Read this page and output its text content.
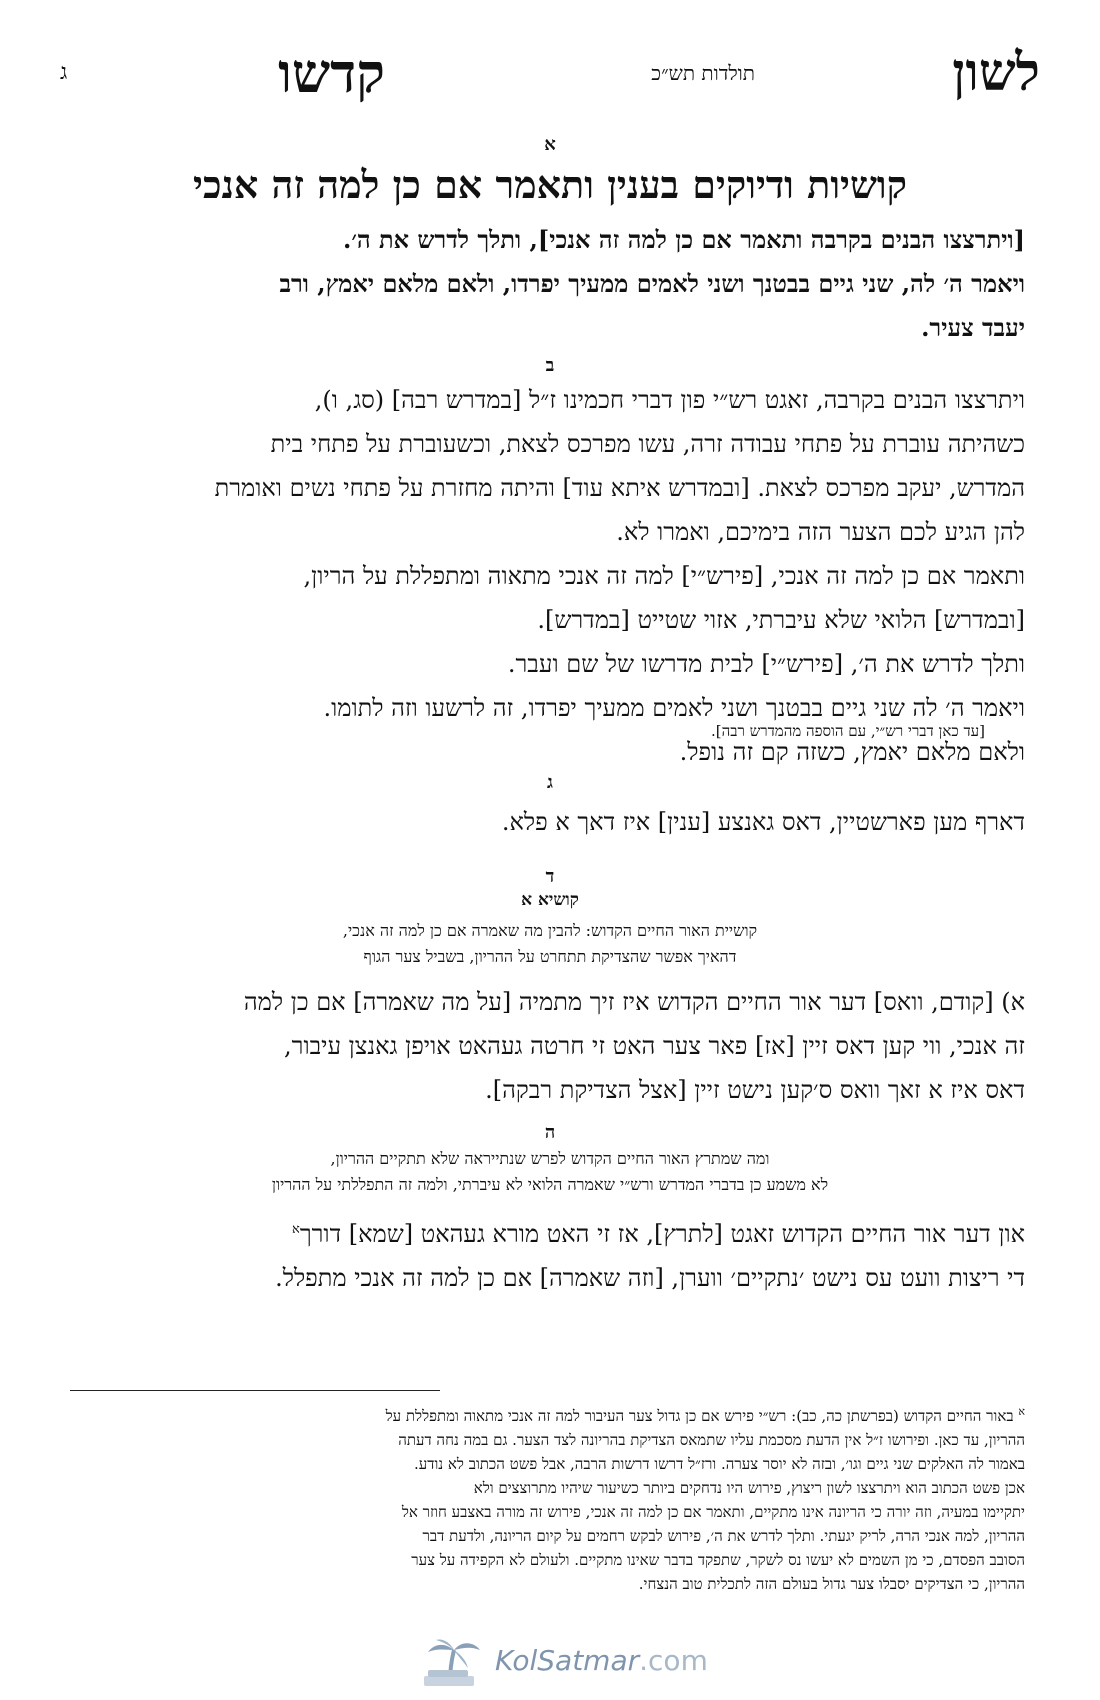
לשון
תולדות תש״כ
קדשו
ג
א
קושיות ודיוקים בענין ותאמר אם כן למה זה אנכי
[ויתרצצו הבנים בקרבה ותאמר אם כן למה זה אנכי], ותלך לדרש את ה׳.
ויאמר ה׳ לה, שני גיים בבטנך ושני לאמים ממעיך יפרדו, ולאם מלאם יאמץ, ורב
יעבד צעיר.
ב
ויתרצצו הבנים בקרבה, זאגט רש״י פון דברי חכמינו ז״ל [במדרש רבה] (סג, ו),
כשהיתה עוברת על פתחי עבודה זרה, עשו מפרכס לצאת, וכשעוברת על פתחי בית
המדרש, יעקב מפרכס לצאת. [ובמדרש איתא עוד] והיתה מחזרת על פתחי נשים ואומרת
להן הגיע לכם הצער הזה בימיכם, ואמרו לא.
ותאמר אם כן למה זה אנכי, [פירש״י] למה זה אנכי מתאוה ומתפללת על הריון,
[ובמדרש] הלואי שלא עיברתי, אזוי שטייט [במדרש].
ותלך לדרש את ה׳, [פירש״י] לבית מדרשו של שם ועבר.
ויאמר ה׳ לה שני גיים בבטנך ושני לאמים ממעיך יפרדו, זה לרשעו וזה לתומו.
ולאם מלאם יאמץ, כשזה קם זה נופל.
[עד כאן דברי רש״י, עם הוספה מהמדרש רבה].
ג
דארף מען פארשטיין, דאס גאנצע [ענין] איז דאך א פלא.
ד
קושיא א
קושיית האור החיים הקדוש: להבין מה שאמרה אם כן למה זה אנכי,
דהאיך אפשר שהצדיקת תתחרט על ההריון, בשביל צער הגוף
א) [קודם, וואס] דער אור החיים הקדוש איז זיך מתמיה [על מה שאמרה] אם כן למה
זה אנכי, ווי קען דאס זיין [אז] פאר צער האט זי חרטה געהאט אויפן גאנצן עיבור,
דאס איז א זאך וואס ס׳קען נישט זיין [אצל הצדיקת רבקה].
ה
ומה שמתרץ האור החיים הקדוש לפרש שנתייראה שלא תתקיים ההריון,
לא משמע כן בדברי המדרש ורש״י שאמרה הלואי לא עיברתי, ולמה זה התפללתי על ההריון
און דער אור החיים הקדוש זאגט [לתרץ], אז זי האט מורא געהאט [שמא] דורך$^א$
די ריצות וועט עס נישט ׳נתקיים׳ ווערן, [וזה שאמרה] אם כן למה זה אנכי מתפלל.
$^א$ באור החיים הקדוש (בפרשתן כה, כב): רש״י פירש אם כן גדול צער העיבור למה זה אנכי מתאוה ומתפללת על
ההריון, עד כאן. ופירושו ז״ל אין הדעת מסכמת עליו שתמאס הצדיקת בהריונה לצד הצער. גם במה נחה דעתה
באמור לה האלקים שני גיים וגו׳, ובזה לא יוסר צערה. ורז״ל דרשו דרשות הרבה, אבל פשט הכתוב לא נודע.
אכן פשט הכתוב הוא ויתרצצו לשון ריצוץ, פירוש היו נדחקים ביותר כשיעור שיהיו מתרוצצים ולא
יתקיימו במעיה, וזה יורה כי הריונה אינו מתקיים, ותאמר אם כן למה זה אנכי, פירוש זה מורה באצבע חוזר אל
ההריון, למה אנכי הרה, לריק יגעתי. ותלך לדרש את ה׳, פירוש לבקש רחמים על קיום הריונה, ולדעת דבר
הסובב הפסדם, כי מן השמים לא יעשו נס לשקר, שתפקד בדבר שאינו מתקיים. ולעולם לא הקפידה על צער
ההריון, כי הצדיקים יסבלו צער גדול בעולם הזה לתכלית טוב הנצחי.
KolSatmar.com
